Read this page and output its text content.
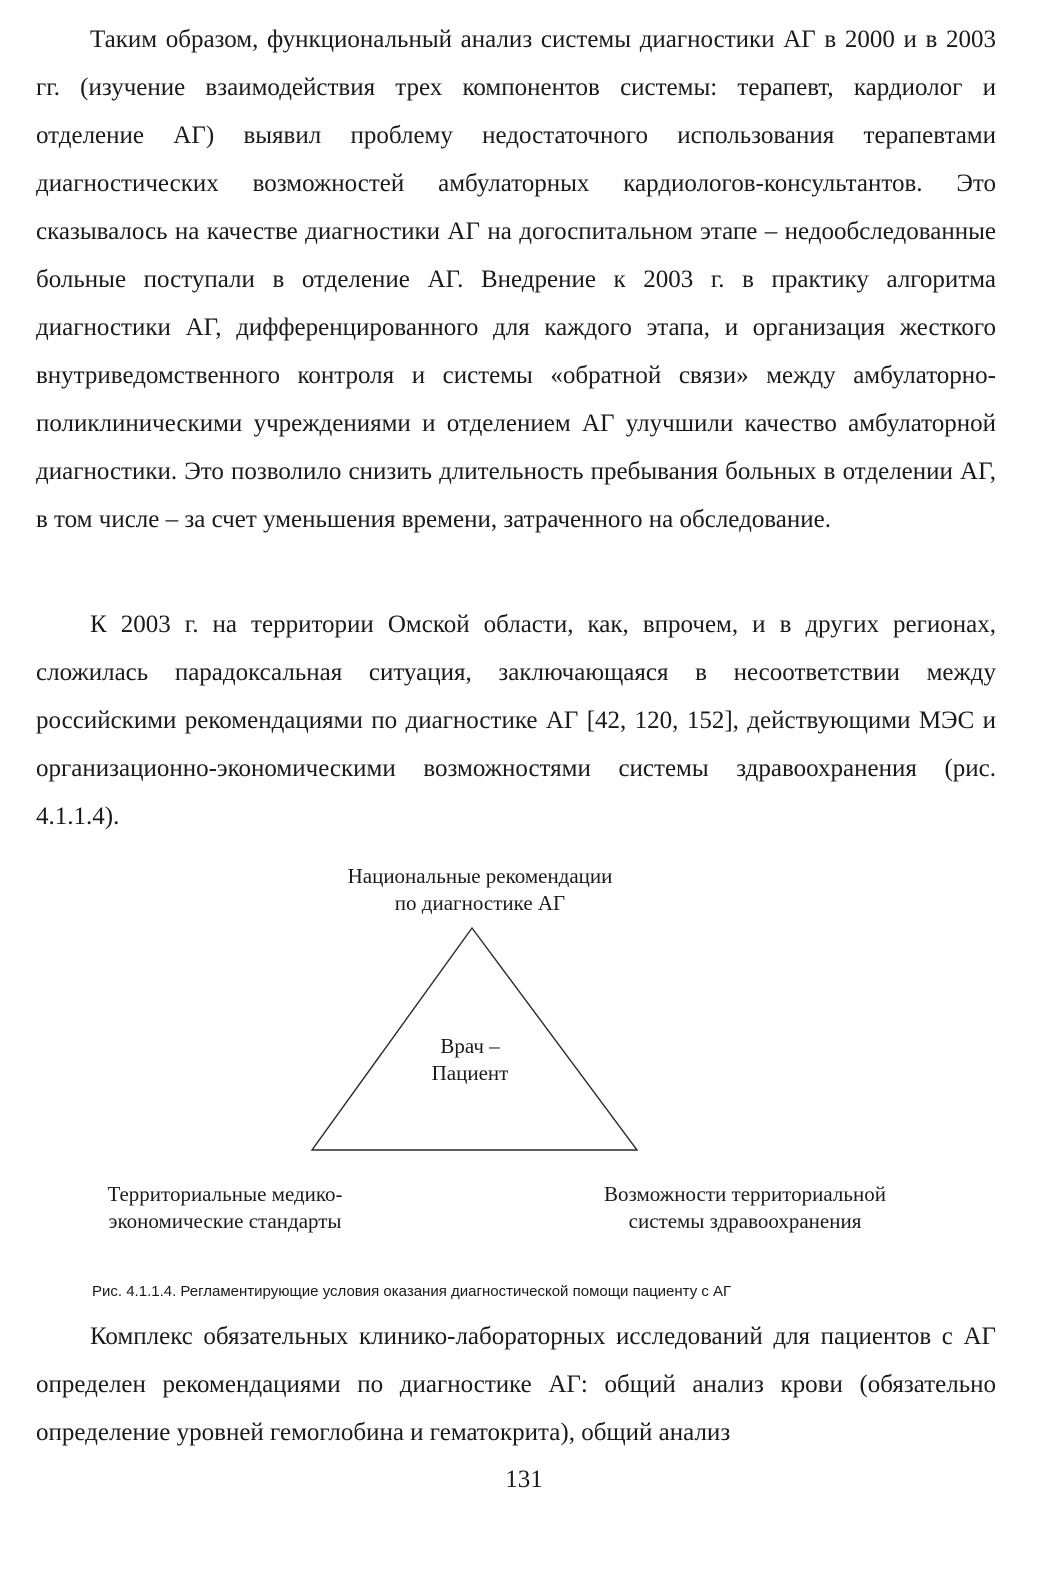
Таким образом, функциональный анализ системы диагностики АГ в 2000 и в 2003 гг. (изучение взаимодействия трех компонентов системы: терапевт, кардиолог и отделение АГ) выявил проблему недостаточного использования терапевтами диагностических возможностей амбулаторных кардиологов-консультантов. Это сказывалось на качестве диагностики АГ на догоспитальном этапе – недообследованные больные поступали в отделение АГ. Внедрение к 2003 г. в практику алгоритма диагностики АГ, дифференцированного для каждого этапа, и организация жесткого внутриведомственного контроля и системы «обратной связи» между амбулаторно-поликлиническими учреждениями и отделением АГ улучшили качество амбулаторной диагностики. Это позволило снизить длительность пребывания больных в отделении АГ, в том числе – за счет уменьшения времени, затраченного на обследование.

К 2003 г. на территории Омской области, как, впрочем, и в других регионах, сложилась парадоксальная ситуация, заключающаяся в несоответствии между российскими рекомендациями по диагностике АГ [42, 120, 152], действующими МЭС и организационно-экономическими возможностями системы здравоохранения (рис. 4.1.1.4).

Национальные рекомендации
по диагностике АГ
Врач –
Пациент
Территориальные медико-
экономические стандарты
Возможности территориальной
системы здравоохранения

Рис. 4.1.1.4. Регламентирующие условия оказания диагностической помощи пациенту с АГ

Комплекс обязательных клинико-лабораторных исследований для пациентов с АГ определен рекомендациями по диагностике АГ: общий анализ крови (обязательно определение уровней гемоглобина и гематокрита), общий анализ

131
